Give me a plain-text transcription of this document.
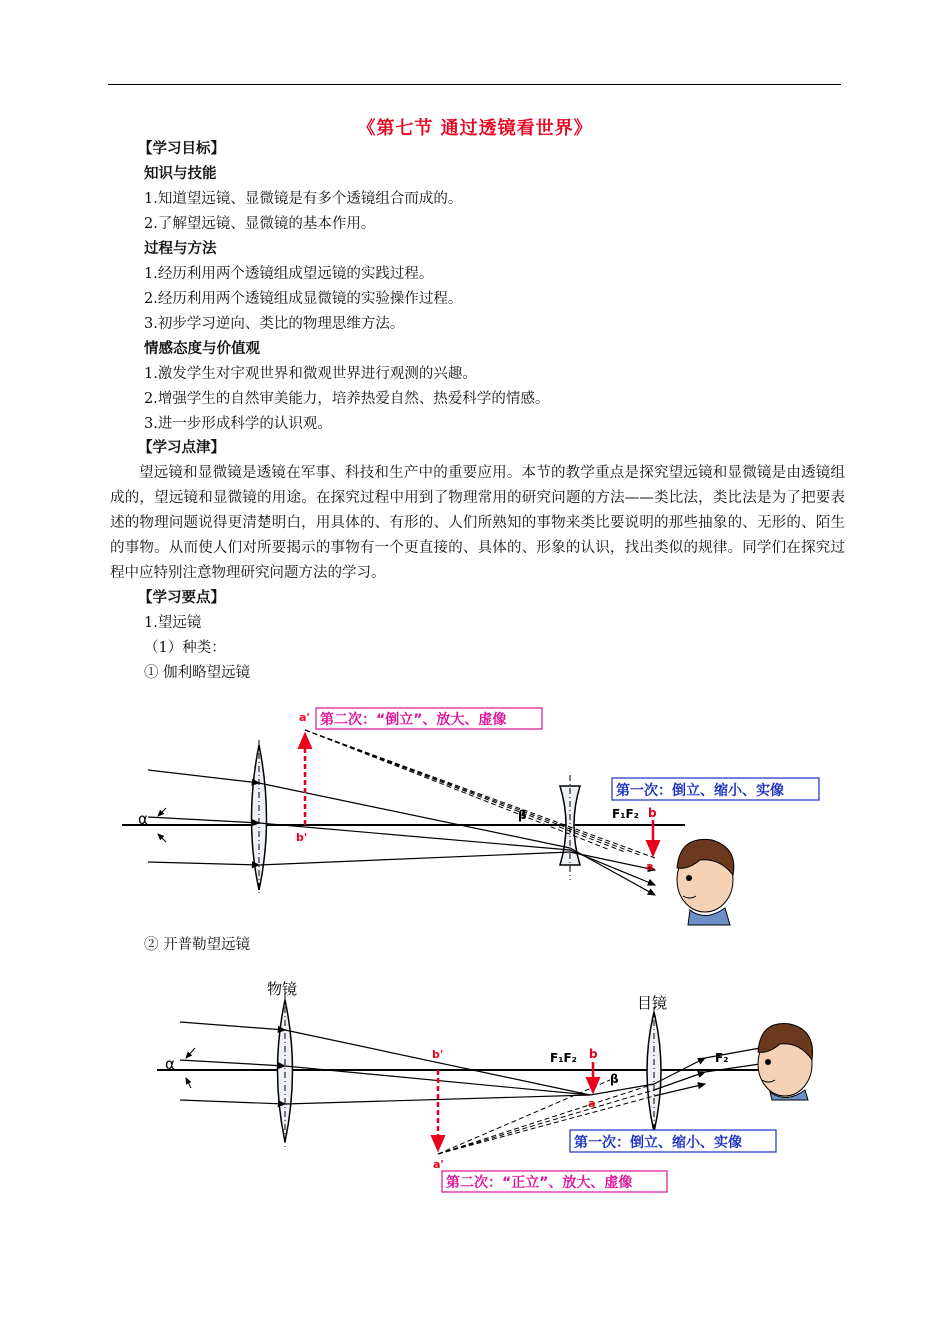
《第七节 通过透镜看世界》
【学习目标】
知识与技能
1.知道望远镜、显微镜是有多个透镜组合而成的。
2.了解望远镜、显微镜的基本作用。
过程与方法
1.经历利用两个透镜组成望远镜的实践过程。
2.经历利用两个透镜组成显微镜的实验操作过程。
3.初步学习逆向、类比的物理思维方法。
情感态度与价值观
1.激发学生对宇观世界和微观世界进行观测的兴趣。
2.增强学生的自然审美能力，培养热爱自然、热爱科学的情感。
3.进一步形成科学的认识观。
【学习点津】
望远镜和显微镜是透镜在军事、科技和生产中的重要应用。本节的教学重点是探究望远镜和显微镜是由透镜组成的，望远镜和显微镜的用途。在探究过程中用到了物理常用的研究问题的方法——类比法，类比法是为了把要表述的物理问题说得更清楚明白，用具体的、有形的、人们所熟知的事物来类比要说明的那些抽象的、无形的、陌生的事物。从而使人们对所要揭示的事物有一个更直接的、具体的、形象的认识，找出类似的规律。同学们在探究过程中应特别注意物理研究问题方法的学习。
【学习要点】
1.望远镜
（1）种类：
① 伽利略望远镜
α	β
a'
b'
F₁F₂ b
a
第二次：“倒立”、放大、虚像
第一次：倒立、缩小、实像
② 开普勒望远镜
物镜
目镜
α
β
b'
a'
F₁F₂	F₂
b
a
第一次：倒立、缩小、实像
第二次：“正立”、放大、虚像
